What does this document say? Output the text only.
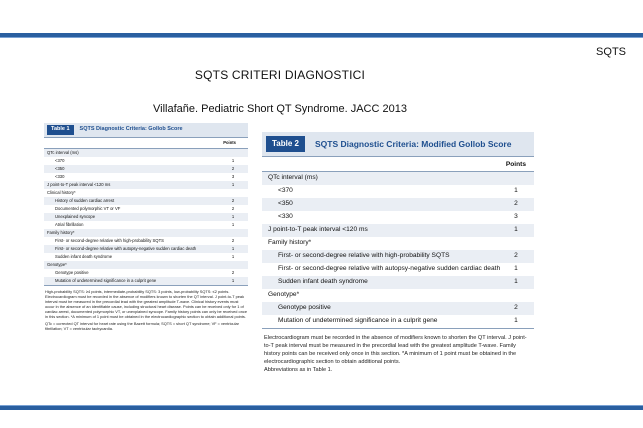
SQTS
SQTS CRITERI DIAGNOSTICI
Villafañe. Pediatric Short QT Syndrome. JACC 2013
Table 1	SQTS Diagnostic Criteria: Gollob Score
Points
QTc interval (ms)
<370	1
<350	2
<330	3
J point-to-T peak interval <120 ms	1
Clinical history*
History of sudden cardiac arrest	2
Documented polymorphic VT or VF	2
Unexplained syncope	1
Atrial fibrillation	1
Family history*
First- or second-degree relative with high-probability SQTS	2
First- or second-degree relative with autopsy-negative sudden cardiac death	1
Sudden infant death syndrome	1
Genotype*
Genotype positive	2
Mutation of undetermined significance in a culprit gene	1

High-probability SQTS: ≥4 points, intermediate-probability SQTS: 3 points, low-probability SQTS: ≤2 points. Electrocardiogram must be recorded in the absence of modifiers known to shorten the QT interval. J point-to-T peak interval must be measured in the precordial lead with the greatest amplitude T-wave. Clinical history events must occur in the absence of an identifiable cause, including structural heart disease. Points can be received only for 1 of cardiac arrest, documented polymorphic VT, or unexplained syncope. Family history points can only be received once in this section. *A minimum of 1 point must be obtained in the electrocardiographic section to obtain additional points.

QTc = corrected QT interval for heart rate using the Bazett formula; SQTS = short QT syndrome; VF = ventricular fibrillation; VT = ventricular tachycardia.

Table 2	SQTS Diagnostic Criteria: Modified Gollob Score
Points
QTc interval (ms)
<370	1
<350	2
<330	3
J point-to-T peak interval <120 ms	1
Family history*
First- or second-degree relative with high-probability SQTS	2
First- or second-degree relative with autopsy-negative sudden cardiac death	1
Sudden infant death syndrome	1
Genotype*
Genotype positive	2
Mutation of undetermined significance in a culprit gene	1

Electrocardiogram must be recorded in the absence of modifiers known to shorten the QT interval. J point-to-T peak interval must be measured in the precordial lead with the greatest amplitude T-wave. Family history points can be received only once in this section. *A minimum of 1 point must be obtained in the electrocardiographic section to obtain additional points.

Abbreviations as in Table 1.
